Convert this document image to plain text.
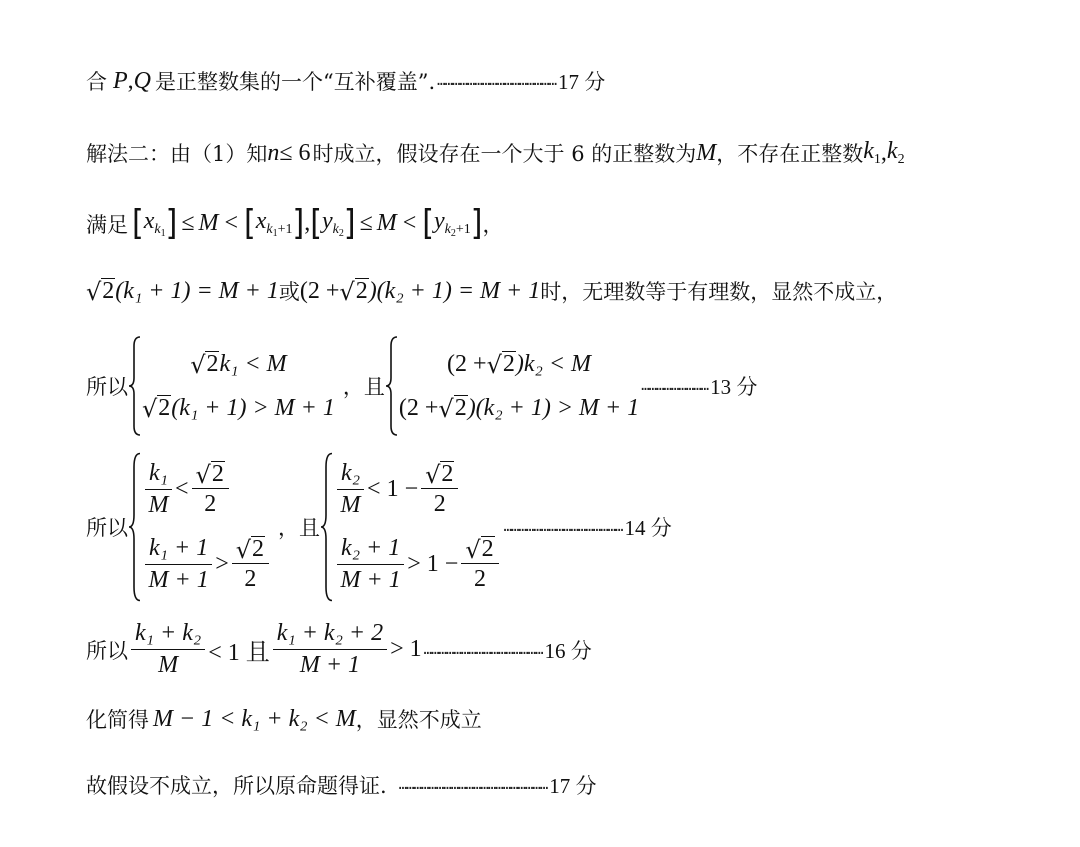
合 P , Q 是正整数集的一个“互补覆盖”. ………………………………………… 17 分
解法二：由（1）知 n ≤ 6 时成立，假设存在一个大于 6 的正整数为 M ，不存在正整数 $k_1$ , $k_2$
满足 [ $x_{k_1}$ ] ≤ M < [ $x_{k_1+1}$ ] , [ $y_{k_2}$ ] ≤ M < [ $y_{k_2+1}$ ] ，
√ 2 (k₁ + 1) = M + 1 或 (2 + √ 2 )(k₂ + 1) = M + 1 时，无理数等于有理数，显然不成立，
所以
√ 2 k₁ < M
√ 2 (k₁ + 1) > M + 1
，且
(2 + √ 2 )k₂ < M
(2 + √ 2 )(k₂ + 1) > M + 1
……………………… 13 分
所以
$\frac{\text{k₁}}{M} < \frac{√ 2}{2}$
$\frac{\text{k₁ + 1}}{M + 1} > \frac{√ 2}{2}$
，且
$\frac{\text{k₂}}{M} < 1 - \frac{√ 2}{2}$
$\frac{\text{k₂ + 1}}{M + 1} > 1 - \frac{√ 2}{2}$
………………………………………… 14 分
所以 $\frac{\text{k₁ + k₂}}{M} < 1$ 且 $\frac{\text{k₁ + k₂ + 2}}{M + 1} > 1$ ………………………………………… 16 分
化简得 M − 1 < k₁ + k₂ < M ，显然不成立
故假设不成立，所以原命题得证. …………………………………………………… 17 分
